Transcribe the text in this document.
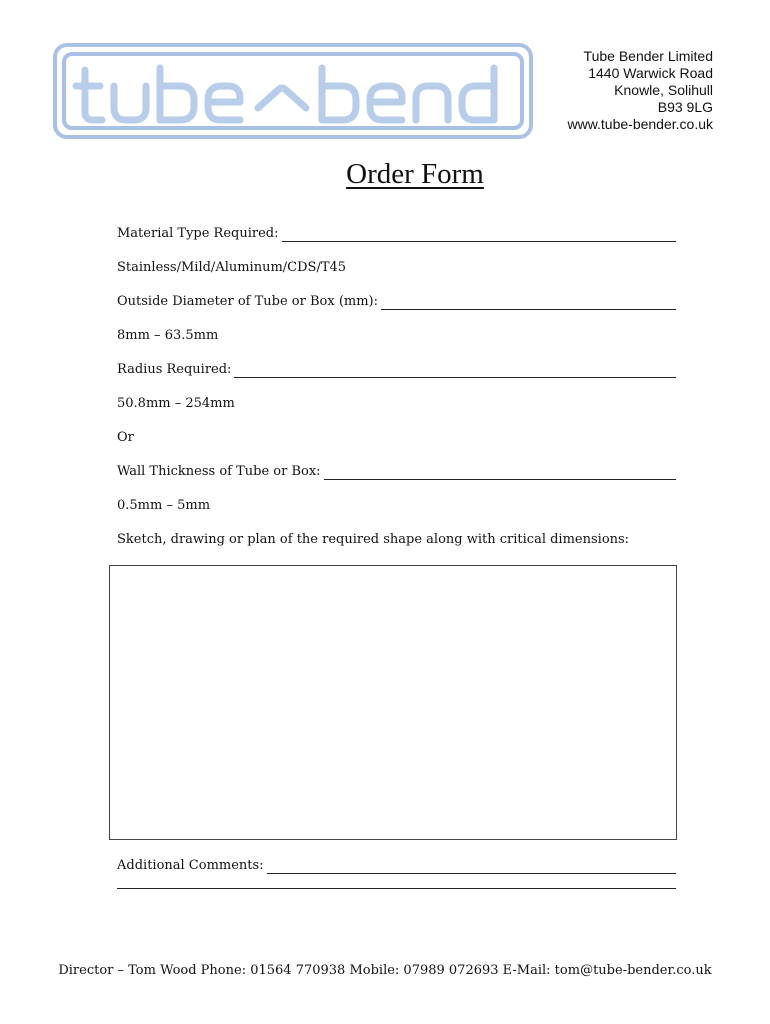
Tube Bender Limited
1440 Warwick Road
Knowle, Solihull
B93 9LG
www.tube-bender.co.uk
Order Form
Material Type Required:
Stainless/Mild/Aluminum/CDS/T45
Outside Diameter of Tube or Box (mm):
8mm – 63.5mm
Radius Required:
50.8mm – 254mm
Or
Wall Thickness of Tube or Box:
0.5mm – 5mm
Sketch, drawing or plan of the required shape along with critical dimensions:
Additional Comments:
Director – Tom Wood Phone: 01564 770938 Mobile: 07989 072693 E-Mail: tom@tube-bender.co.uk
